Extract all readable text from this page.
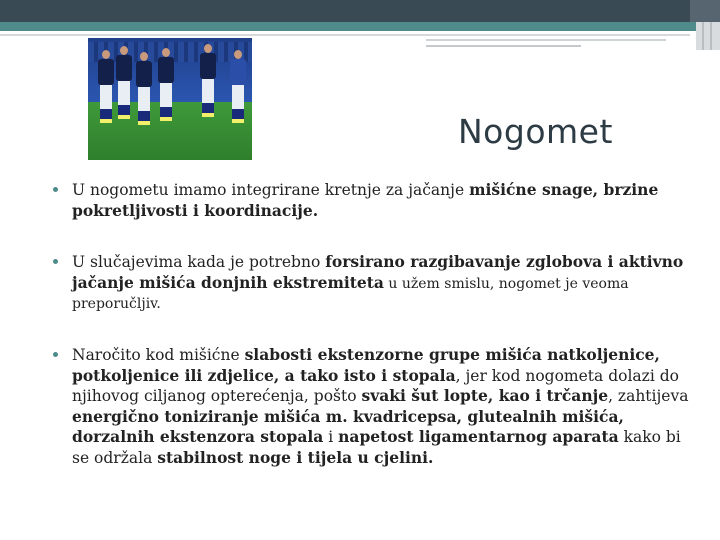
Nogomet
U nogometu imamo integrirane kretnje za jačanje mišićne snage, brzine pokretljivosti i koordinacije.
U slučajevima kada je potrebno forsirano razgibavanje zglobova i aktivno jačanje mišića donjnih ekstremiteta u užem smislu, nogomet je veoma preporučljiv.
Naročito kod mišićne slabosti ekstenzorne grupe mišića natkoljenice, potkoljenice ili zdjelice, a tako isto i stopala, jer kod nogometa dolazi do njihovog ciljanog opterećenja, pošto svaki šut lopte, kao i trčanje, zahtijeva energično toniziranje mišića m. kvadricepsa, glutealnih mišića, dorzalnih ekstenzora stopala i napetost ligamentarnog aparata kako bi se održala stabilnost noge i tijela u cjelini.
